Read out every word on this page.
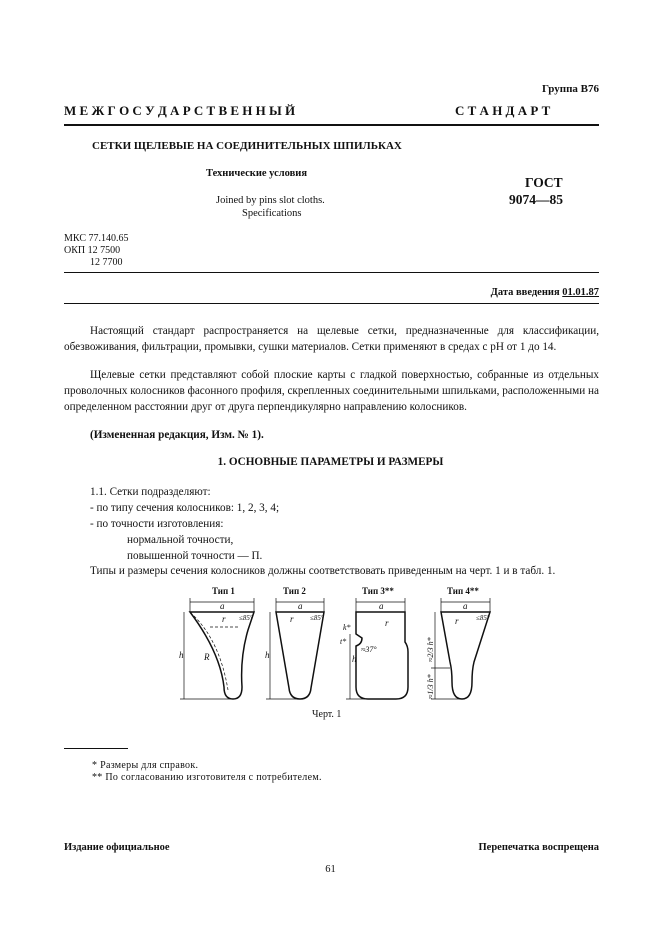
Группа В76
М Е Ж Г О С У Д А Р С Т В Е Н Н Ы Й	С Т А Н Д А Р Т
СЕТКИ ЩЕЛЕВЫЕ НА СОЕДИНИТЕЛЬНЫХ ШПИЛЬКАХ
Технические условия
Joined by pins slot cloths.
Specifications
ГОСТ
9074—85
МКС 77.140.65
ОКП 12 7500
12 7700
Дата введения 01.01.87

Настоящий стандарт распространяется на щелевые сетки, предназначенные для классификации, обезвоживания, фильтрации, промывки, сушки материалов. Сетки применяют в средах с pH от 1 до 14.

Щелевые сетки представляют собой плоские карты с гладкой поверхностью, собранные из отдельных проволочных колосников фасонного профиля, скрепленных соединительными шпильками, расположенными на определенном расстоянии друг от друга перпендикулярно направлению колосников.

(Измененная редакция, Изм. № 1).
1. ОСНОВНЫЕ ПАРАМЕТРЫ И РАЗМЕРЫ
1.1. Сетки подразделяют:
- по типу сечения колосников: 1, 2, 3, 4;
- по точности изготовления:
нормальной точности,
повышенной точности — П.
Типы и размеры сечения колосников должны соответствовать приведенным на черт. 1 и в табл. 1.
Тип 1	Тип 2	Тип 3**	Тип 4**
a	a	a	a
h	h	h
r	r	r	r
R
k*
t*
≈37°
≤85°	≤85°	≤85°
≈2/3 h*
≈1/3 h*
Черт. 1
* Размеры для справок.
** По согласованию изготовителя с потребителем.
Издание официальное	Перепечатка воспрещена
61
